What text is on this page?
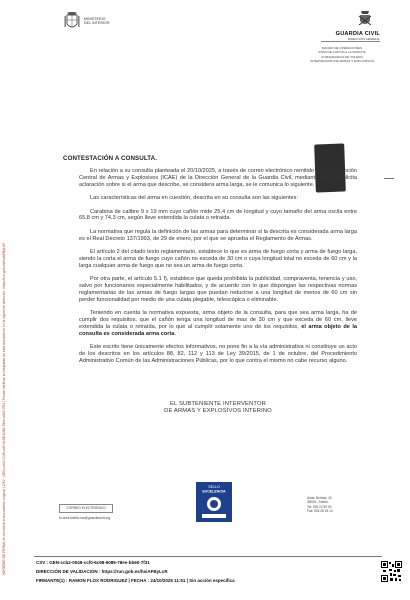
MINISTERIO
DEL INTERIOR
GUARDIA CIVIL
DIRECCIÓN GENERAL
MANDO DE OPERACIONES
ZONA DE CASTILLA LA MANCHA
COMANDANCIA DE TOLEDO
INTERVENCIÓN DE ARMAS Y EXPLOSIVOS
INFORME DE FIRMA: en enumera el documento original | CSV : GEN-ccb2-0049-ccf0-6c98-6086-78ee-bb60-7f31 | Puede verificar la integridad de este documento en la siguiente dirección: https://run.gob.es/hsiAFByLcR
CONTESTACIÓN A CONSULTA.

En relación a su consulta planteada el 20/10/2025, a través de correo electrónico remitido a la Intervención Central de Armas y Explosivos (ICAE) de la Dirección General de la Guardia Civil, mediante la cual solicita aclaración sobre si el arma que describe, se considera arma larga, se le comunica lo siguiente.

Las características del arma en cuestión, descrita en su consulta son las siguientes:

Carabina de calibre 9 x 19 mm cuyo cañón mide 25,4 cm de longitud y cuyo tamaño del arma oscila entre 65,8 cm y 74,3 cm, según lleve extendida la culata o retraida.

La normativa que regula la definición de las armas para determinar si la descrita es considerada arma larga es el Real Decreto 137/1993, de 29 de enero, por el que se aprueba el Reglamento de Armas.

El artículo 2 del citado texto reglamentario, establece lo que es arma de fuego corta y arma de fuego larga, siendo la corta el arma de fuego cuyo cañón no exceda de 30 cm o cuya longitud total no exceda de 60 cm y la larga cualquier arma de fuego que no sea un arma de fuego corta.

Por otra parte, el artículo 5.1 f), establece que queda prohibida la publicidad, compraventa, tenencia y uso, salvo por funcionarios especialmente habilitados, y de acuerdo con lo que dispongan las respectivas normas reglamentarias de las armas de fuego largas que puedan reducirse a una longitud de menos de 60 cm sin perder funcionalidad por medio de una culata plegable, telescópica o eliminable.

Teniendo en cuenta la normativa expuesta, arma objeto de la consulta, para que sea arma larga, ha de cumplir dos requisitos, que el cañón tenga una longitud de mas de 30 cm y que exceda de 60 cm, lleve extendida la culata o retraída, por lo que al cumplir solamente uno de los requisitos, el arma objeto de la consulta es considerada arma corta.

Este escrito tiene únicamente efectos informativos, no pone fin a la vía administrativa ni constituye un acto de los descritos en los artículos 88, 82, 112 y 113 de Ley 39/2015, de 1 de octubre, del Procedimiento Administrativo Común de las Administraciones Públicas, por lo que contra el mismo no cabe recurso alguno.

EL SUBTENIENTE INTERVENTOR
DE ARMAS Y EXPLOSIVOS INTERINO
CORREO ELECTRÓNICO
to-cmd-toledo-iae@guardiacivil.org
SELLO
EXCELENCIA
Avda. Bertran, 42
45005 –Toledo-
Tel: 925 22 59 00
Fax: 925 28 18 14
CSV : GEN-ccb2-0049-ccf0-6c98-6086-78ee-bb60-7f31
DIRECCIÓN DE VALIDACIÓN : https://run.gob.es/hsiAFByLcR
FIRMANTE(1) : RAMON FLOX RODRIGUEZ | FECHA : 24/10/2025 11:51 | Sin acción específica
